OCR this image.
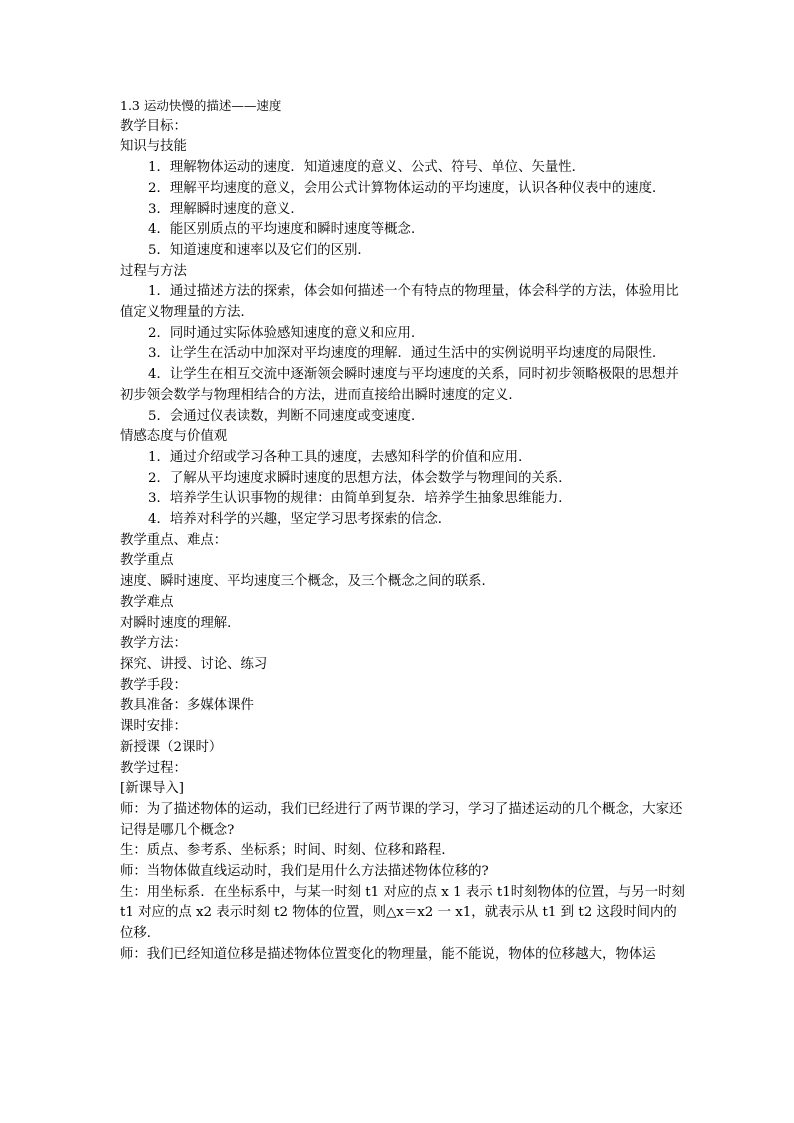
1.3 运动快慢的描述——速度
教学目标：
知识与技能
1．理解物体运动的速度．知道速度的意义、公式、符号、单位、矢量性．
2．理解平均速度的意义，会用公式计算物体运动的平均速度，认识各种仪表中的速度．
3．理解瞬时速度的意义．
4．能区别质点的平均速度和瞬时速度等概念．
5．知道速度和速率以及它们的区别．
过程与方法
1．通过描述方法的探索，体会如何描述一个有特点的物理量，体会科学的方法，体验用比值定义物理量的方法．
2．同时通过实际体验感知速度的意义和应用．
3．让学生在活动中加深对平均速度的理解．通过生活中的实例说明平均速度的局限性．
4．让学生在相互交流中逐渐领会瞬时速度与平均速度的关系，同时初步领略极限的思想并初步领会数学与物理相结合的方法，进而直接给出瞬时速度的定义．
5．会通过仪表读数，判断不同速度或变速度．
情感态度与价值观
1．通过介绍或学习各种工具的速度，去感知科学的价值和应用．
2．了解从平均速度求瞬时速度的思想方法，体会数学与物理间的关系．
3．培养学生认识事物的规律：由简单到复杂．培养学生抽象思维能力．
4．培养对科学的兴趣，坚定学习思考探索的信念．
教学重点、难点：
教学重点
速度、瞬时速度、平均速度三个概念，及三个概念之间的联系．
教学难点
对瞬时速度的理解．
教学方法：
探究、讲授、讨论、练习
教学手段：
教具准备：多媒体课件
课时安排：
新授课（2课时）
教学过程：
[新课导入]
师：为了描述物体的运动，我们已经进行了两节课的学习，学习了描述运动的几个概念，大家还记得是哪几个概念?
生：质点、参考系、坐标系；时间、时刻、位移和路程．
师：当物体做直线运动时，我们是用什么方法描述物体位移的?
生：用坐标系．在坐标系中，与某一时刻 t1 对应的点 x 1 表示 t1时刻物体的位置，与另一时刻 t1 对应的点 x2 表示时刻 t2 物体的位置，则△x＝x2 一 x1，就表示从 t1 到 t2 这段时间内的位移．
师：我们已经知道位移是描述物体位置变化的物理量，能不能说，物体的位移越大，物体运
